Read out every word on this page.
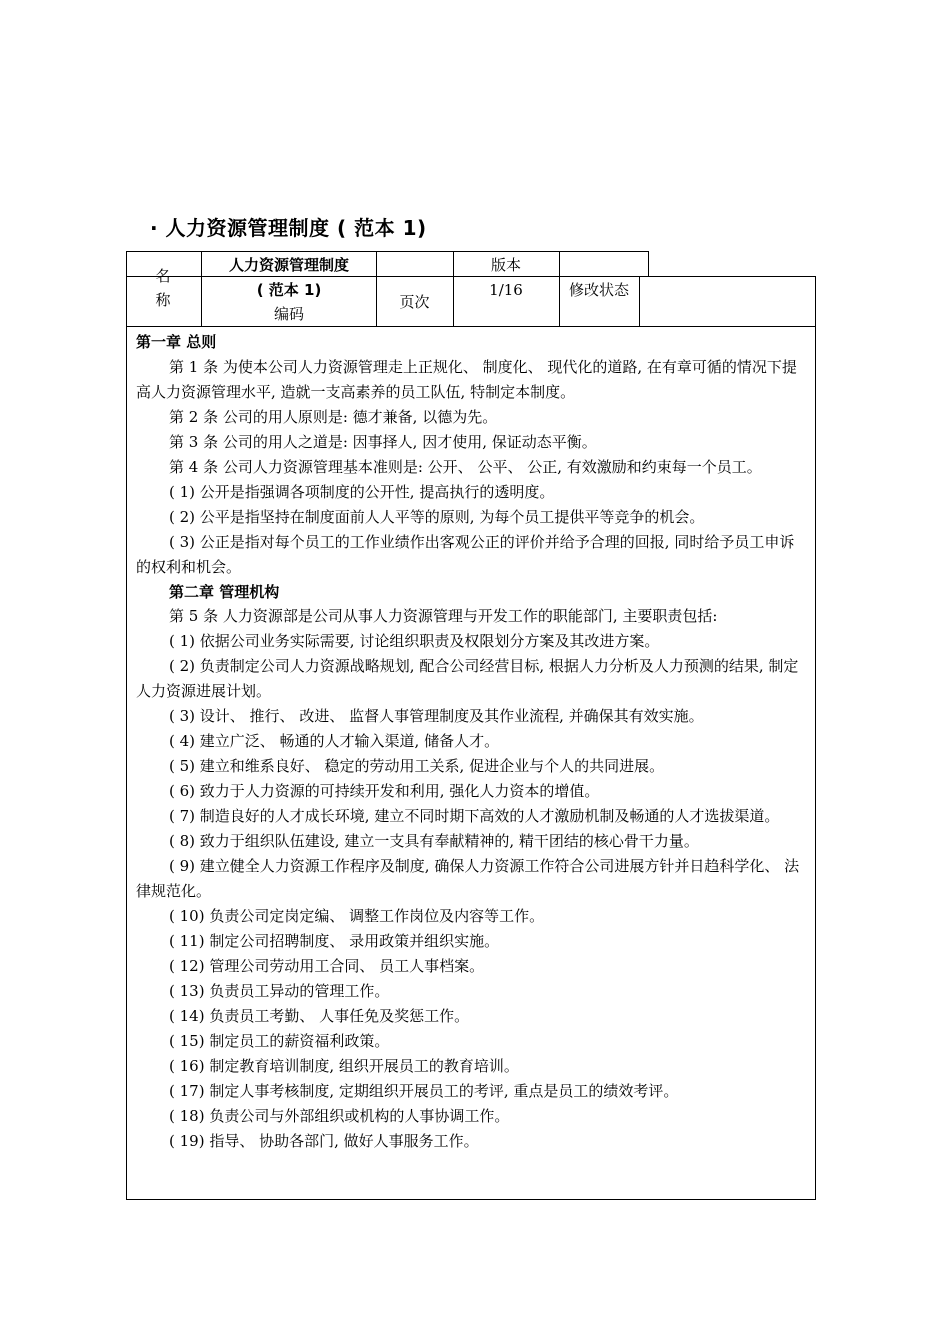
· 人力资源管理制度 ( 范本 1)
名称
人力资源管理制度
( 范本 1)
编码
版本
页次
1/16	修改状态

第一章 总则

第 1 条 为使本公司人力资源管理走上正规化、 制度化、 现代化的道路, 在有章可循的情况下提高人力资源管理水平, 造就一支高素养的员工队伍, 特制定本制度。

第 2 条 公司的用人原则是: 德才兼备, 以德为先。

第 3 条 公司的用人之道是: 因事择人, 因才使用, 保证动态平衡。

第 4 条 公司人力资源管理基本准则是: 公开、 公平、 公正, 有效激励和约束每一个员工。

( 1) 公开是指强调各项制度的公开性, 提高执行的透明度。

( 2) 公平是指坚持在制度面前人人平等的原则, 为每个员工提供平等竞争的机会。

( 3) 公正是指对每个员工的工作业绩作出客观公正的评价并给予合理的回报, 同时给予员工申诉的权利和机会。

第二章 管理机构

第 5 条 人力资源部是公司从事人力资源管理与开发工作的职能部门, 主要职责包括:

( 1) 依据公司业务实际需要, 讨论组织职责及权限划分方案及其改进方案。

( 2) 负责制定公司人力资源战略规划, 配合公司经营目标, 根据人力分析及人力预测的结果, 制定人力资源进展计划。

( 3) 设计、 推行、 改进、 监督人事管理制度及其作业流程, 并确保其有效实施。

( 4) 建立广泛、 畅通的人才输入渠道, 储备人才。

( 5) 建立和维系良好、 稳定的劳动用工关系, 促进企业与个人的共同进展。

( 6) 致力于人力资源的可持续开发和利用, 强化人力资本的增值。

( 7) 制造良好的人才成长环境, 建立不同时期下高效的人才激励机制及畅通的人才选拔渠道。

( 8) 致力于组织队伍建设, 建立一支具有奉献精神的, 精干团结的核心骨干力量。

( 9) 建立健全人力资源工作程序及制度, 确保人力资源工作符合公司进展方针并日趋科学化、 法律规范化。

( 10) 负责公司定岗定编、 调整工作岗位及内容等工作。

( 11) 制定公司招聘制度、 录用政策并组织实施。

( 12) 管理公司劳动用工合同、 员工人事档案。

( 13) 负责员工异动的管理工作。

( 14) 负责员工考勤、 人事任免及奖惩工作。

( 15) 制定员工的薪资福利政策。

( 16) 制定教育培训制度, 组织开展员工的教育培训。

( 17) 制定人事考核制度, 定期组织开展员工的考评, 重点是员工的绩效考评。

( 18) 负责公司与外部组织或机构的人事协调工作。

( 19) 指导、 协助各部门, 做好人事服务工作。
